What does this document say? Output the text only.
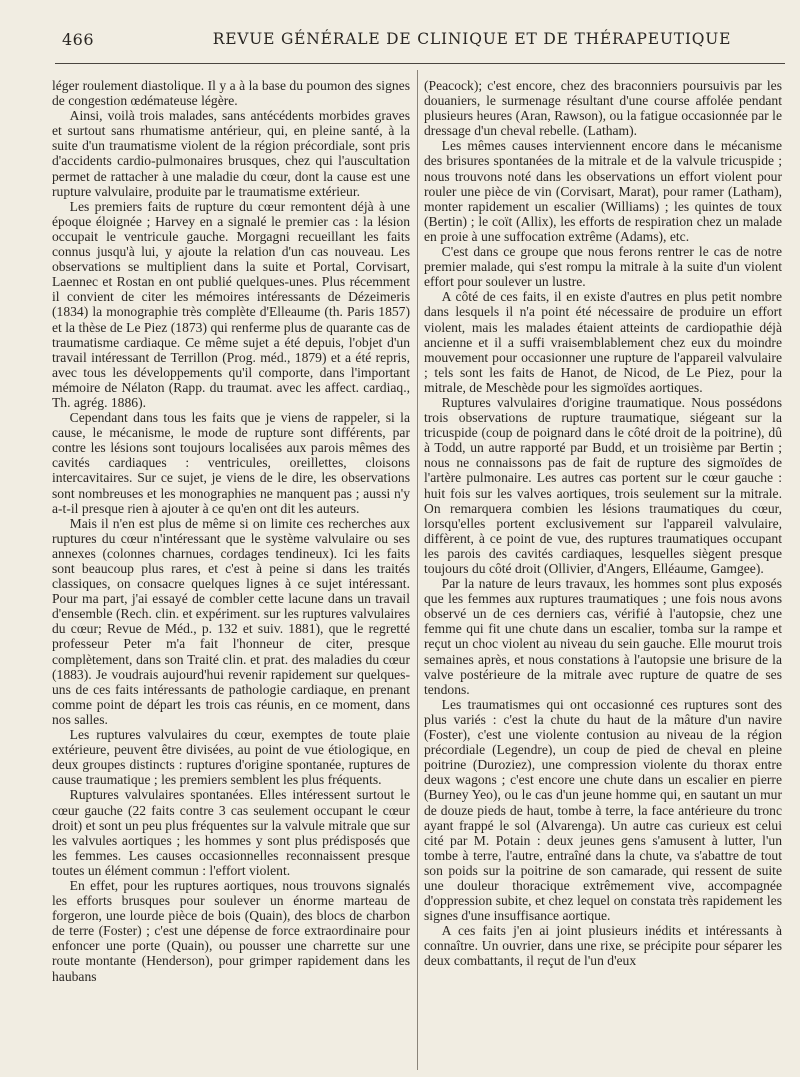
466	REVUE GÉNÉRALE DE CLINIQUE ET DE THÉRAPEUTIQUE

léger roulement diastolique. Il y a à la base du poumon des signes de congestion œdémateuse légère.

Ainsi, voilà trois malades, sans antécédents morbides graves et surtout sans rhumatisme antérieur, qui, en pleine santé, à la suite d'un traumatisme violent de la région précordiale, sont pris d'accidents cardio-pulmonaires brusques, chez qui l'auscultation permet de rattacher à une maladie du cœur, dont la cause est une rupture valvulaire, produite par le traumatisme extérieur.

Les premiers faits de rupture du cœur remontent déjà à une époque éloignée ; Harvey en a signalé le premier cas : la lésion occupait le ventricule gauche. Morgagni recueillant les faits connus jusqu'à lui, y ajoute la relation d'un cas nouveau. Les observations se multiplient dans la suite et Portal, Corvisart, Laennec et Rostan en ont publié quelques-unes. Plus récemment il convient de citer les mémoires intéressants de Dézeimeris (1834) la monographie très complète d'Elleaume (th. Paris 1857) et la thèse de Le Piez (1873) qui renferme plus de quarante cas de traumatisme cardiaque. Ce même sujet a été depuis, l'objet d'un travail intéressant de Terrillon (Prog. méd., 1879) et a été repris, avec tous les développements qu'il comporte, dans l'important mémoire de Nélaton (Rapp. du traumat. avec les affect. cardiaq., Th. agrég. 1886).

Cependant dans tous les faits que je viens de rappeler, si la cause, le mécanisme, le mode de rupture sont différents, par contre les lésions sont toujours localisées aux parois mêmes des cavités cardiaques : ventricules, oreillettes, cloisons intercavitaires. Sur ce sujet, je viens de le dire, les observations sont nombreuses et les monographies ne manquent pas ; aussi n'y a-t-il presque rien à ajouter à ce qu'en ont dit les auteurs.

Mais il n'en est plus de même si on limite ces recherches aux ruptures du cœur n'intéressant que le système valvulaire ou ses annexes (colonnes charnues, cordages tendineux). Ici les faits sont beaucoup plus rares, et c'est à peine si dans les traités classiques, on consacre quelques lignes à ce sujet intéressant. Pour ma part, j'ai essayé de combler cette lacune dans un travail d'ensemble (Rech. clin. et expériment. sur les ruptures valvulaires du cœur; Revue de Méd., p. 132 et suiv. 1881), que le regretté professeur Peter m'a fait l'honneur de citer, presque complètement, dans son Traité clin. et prat. des maladies du cœur (1883). Je voudrais aujourd'hui revenir rapidement sur quelques-uns de ces faits intéressants de pathologie cardiaque, en prenant comme point de départ les trois cas réunis, en ce moment, dans nos salles.

Les ruptures valvulaires du cœur, exemptes de toute plaie extérieure, peuvent être divisées, au point de vue étiologique, en deux groupes distincts : ruptures d'origine spontanée, ruptures de cause traumatique ; les premiers semblent les plus fréquents.

Ruptures valvulaires spontanées. Elles intéressent surtout le cœur gauche (22 faits contre 3 cas seulement occupant le cœur droit) et sont un peu plus fréquentes sur la valvule mitrale que sur les valvules aortiques ; les hommes y sont plus prédisposés que les femmes. Les causes occasionnelles reconnaissent presque toutes un élément commun : l'effort violent.

En effet, pour les ruptures aortiques, nous trouvons signalés les efforts brusques pour soulever un énorme marteau de forgeron, une lourde pièce de bois (Quain), des blocs de charbon de terre (Foster) ; c'est une dépense de force extraordinaire pour enfoncer une porte (Quain), ou pousser une charrette sur une route montante (Henderson), pour grimper rapidement dans les haubans

(Peacock); c'est encore, chez des braconniers poursuivis par les douaniers, le surmenage résultant d'une course affolée pendant plusieurs heures (Aran, Rawson), ou la fatigue occasionnée par le dressage d'un cheval rebelle. (Latham).

Les mêmes causes interviennent encore dans le mécanisme des brisures spontanées de la mitrale et de la valvule tricuspide ; nous trouvons noté dans les observations un effort violent pour rouler une pièce de vin (Corvisart, Marat), pour ramer (Latham), monter rapidement un escalier (Williams) ; les quintes de toux (Bertin) ; le coït (Allix), les efforts de respiration chez un malade en proie à une suffocation extrême (Adams), etc.

C'est dans ce groupe que nous ferons rentrer le cas de notre premier malade, qui s'est rompu la mitrale à la suite d'un violent effort pour soulever un lustre.

A côté de ces faits, il en existe d'autres en plus petit nombre dans lesquels il n'a point été nécessaire de produire un effort violent, mais les malades étaient atteints de cardiopathie déjà ancienne et il a suffi vraisemblablement chez eux du moindre mouvement pour occasionner une rupture de l'appareil valvulaire ; tels sont les faits de Hanot, de Nicod, de Le Piez, pour la mitrale, de Meschède pour les sigmoïdes aortiques.

Ruptures valvulaires d'origine traumatique. Nous possédons trois observations de rupture traumatique, siégeant sur la tricuspide (coup de poignard dans le côté droit de la poitrine), dû à Todd, un autre rapporté par Budd, et un troisième par Bertin ; nous ne connaissons pas de fait de rupture des sigmoïdes de l'artère pulmonaire. Les autres cas portent sur le cœur gauche : huit fois sur les valves aortiques, trois seulement sur la mitrale. On remarquera combien les lésions traumatiques du cœur, lorsqu'elles portent exclusivement sur l'appareil valvulaire, diffèrent, à ce point de vue, des ruptures traumatiques occupant les parois des cavités cardiaques, lesquelles siègent presque toujours du côté droit (Ollivier, d'Angers, Elléaume, Gamgee).

Par la nature de leurs travaux, les hommes sont plus exposés que les femmes aux ruptures traumatiques ; une fois nous avons observé un de ces derniers cas, vérifié à l'autopsie, chez une femme qui fit une chute dans un escalier, tomba sur la rampe et reçut un choc violent au niveau du sein gauche. Elle mourut trois semaines après, et nous constations à l'autopsie une brisure de la valve postérieure de la mitrale avec rupture de quatre de ses tendons.

Les traumatismes qui ont occasionné ces ruptures sont des plus variés : c'est la chute du haut de la mâture d'un navire (Foster), c'est une violente contusion au niveau de la région précordiale (Legendre), un coup de pied de cheval en pleine poitrine (Duroziez), une compression violente du thorax entre deux wagons ; c'est encore une chute dans un escalier en pierre (Burney Yeo), ou le cas d'un jeune homme qui, en sautant un mur de douze pieds de haut, tombe à terre, la face antérieure du tronc ayant frappé le sol (Alvarenga). Un autre cas curieux est celui cité par M. Potain : deux jeunes gens s'amusent à lutter, l'un tombe à terre, l'autre, entraîné dans la chute, va s'abattre de tout son poids sur la poitrine de son camarade, qui ressent de suite une douleur thoracique extrêmement vive, accompagnée d'oppression subite, et chez lequel on constata très rapidement les signes d'une insuffisance aortique.

A ces faits j'en ai joint plusieurs inédits et intéressants à connaître. Un ouvrier, dans une rixe, se précipite pour séparer les deux combattants, il reçut de l'un d'eux
